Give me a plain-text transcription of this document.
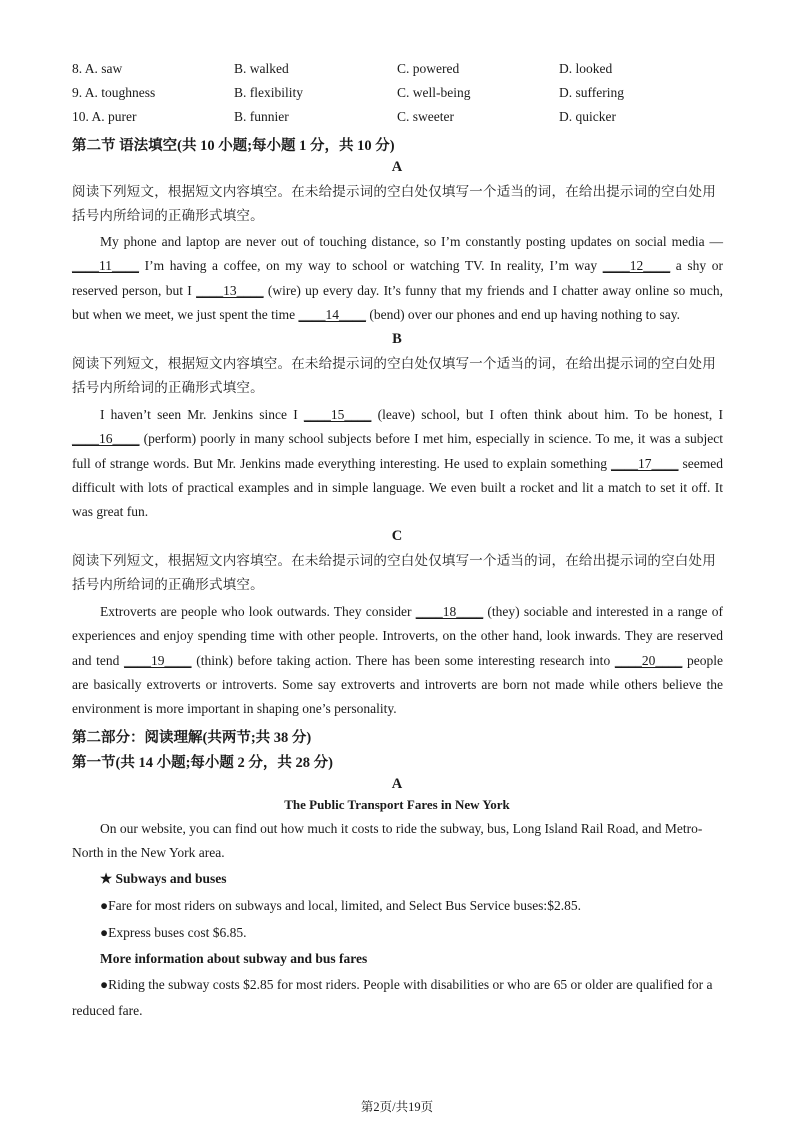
8. A. saw	B. walked	C. powered	D. looked
9. A. toughness	B. flexibility	C. well-being	D. suffering
10. A. purer	B. funnier	C. sweeter	D. quicker
第二节 语法填空(共 10 小题;每小题 1 分，共 10 分)
A
阅读下列短文，根据短文内容填空。在未给提示词的空白处仅填写一个适当的词，在给出提示词的空白处用括号内所给词的正确形式填空。
My phone and laptop are never out of touching distance, so I’m constantly posting updates on social media — ____11____ I’m having a coffee, on my way to school or watching TV. In reality, I’m way ____12____ a shy or reserved person, but I ____13____ (wire) up every day. It’s funny that my friends and I chatter away online so much, but when we meet, we just spent the time ____14____ (bend) over our phones and end up having nothing to say.
B
阅读下列短文，根据短文内容填空。在未给提示词的空白处仅填写一个适当的词，在给出提示词的空白处用括号内所给词的正确形式填空。
I haven’t seen Mr. Jenkins since I ____15____ (leave) school, but I often think about him. To be honest, I ____16____ (perform) poorly in many school subjects before I met him, especially in science. To me, it was a subject full of strange words. But Mr. Jenkins made everything interesting. He used to explain something ____17____ seemed difficult with lots of practical examples and in simple language. We even built a rocket and lit a match to set it off. It was great fun.
C
阅读下列短文，根据短文内容填空。在未给提示词的空白处仅填写一个适当的词，在给出提示词的空白处用括号内所给词的正确形式填空。
Extroverts are people who look outwards. They consider ____18____ (they) sociable and interested in a range of experiences and enjoy spending time with other people. Introverts, on the other hand, look inwards. They are reserved and tend ____19____ (think) before taking action. There has been some interesting research into ____20____ people are basically extroverts or introverts. Some say extroverts and introverts are born not made while others believe the environment is more important in shaping one’s personality.
第二部分：阅读理解(共两节;共 38 分)
第一节(共 14 小题;每小题 2 分，共 28 分)
A
The Public Transport Fares in New York
On our website, you can find out how much it costs to ride the subway, bus, Long Island Rail Road, and Metro-North in the New York area.
★ Subways and buses
●Fare for most riders on subways and local, limited, and Select Bus Service buses:$2.85.
●Express buses cost $6.85.
More information about subway and bus fares
●Riding the subway costs $2.85 for most riders. People with disabilities or who are 65 or older are qualified for a reduced fare.
第2页/共19页
